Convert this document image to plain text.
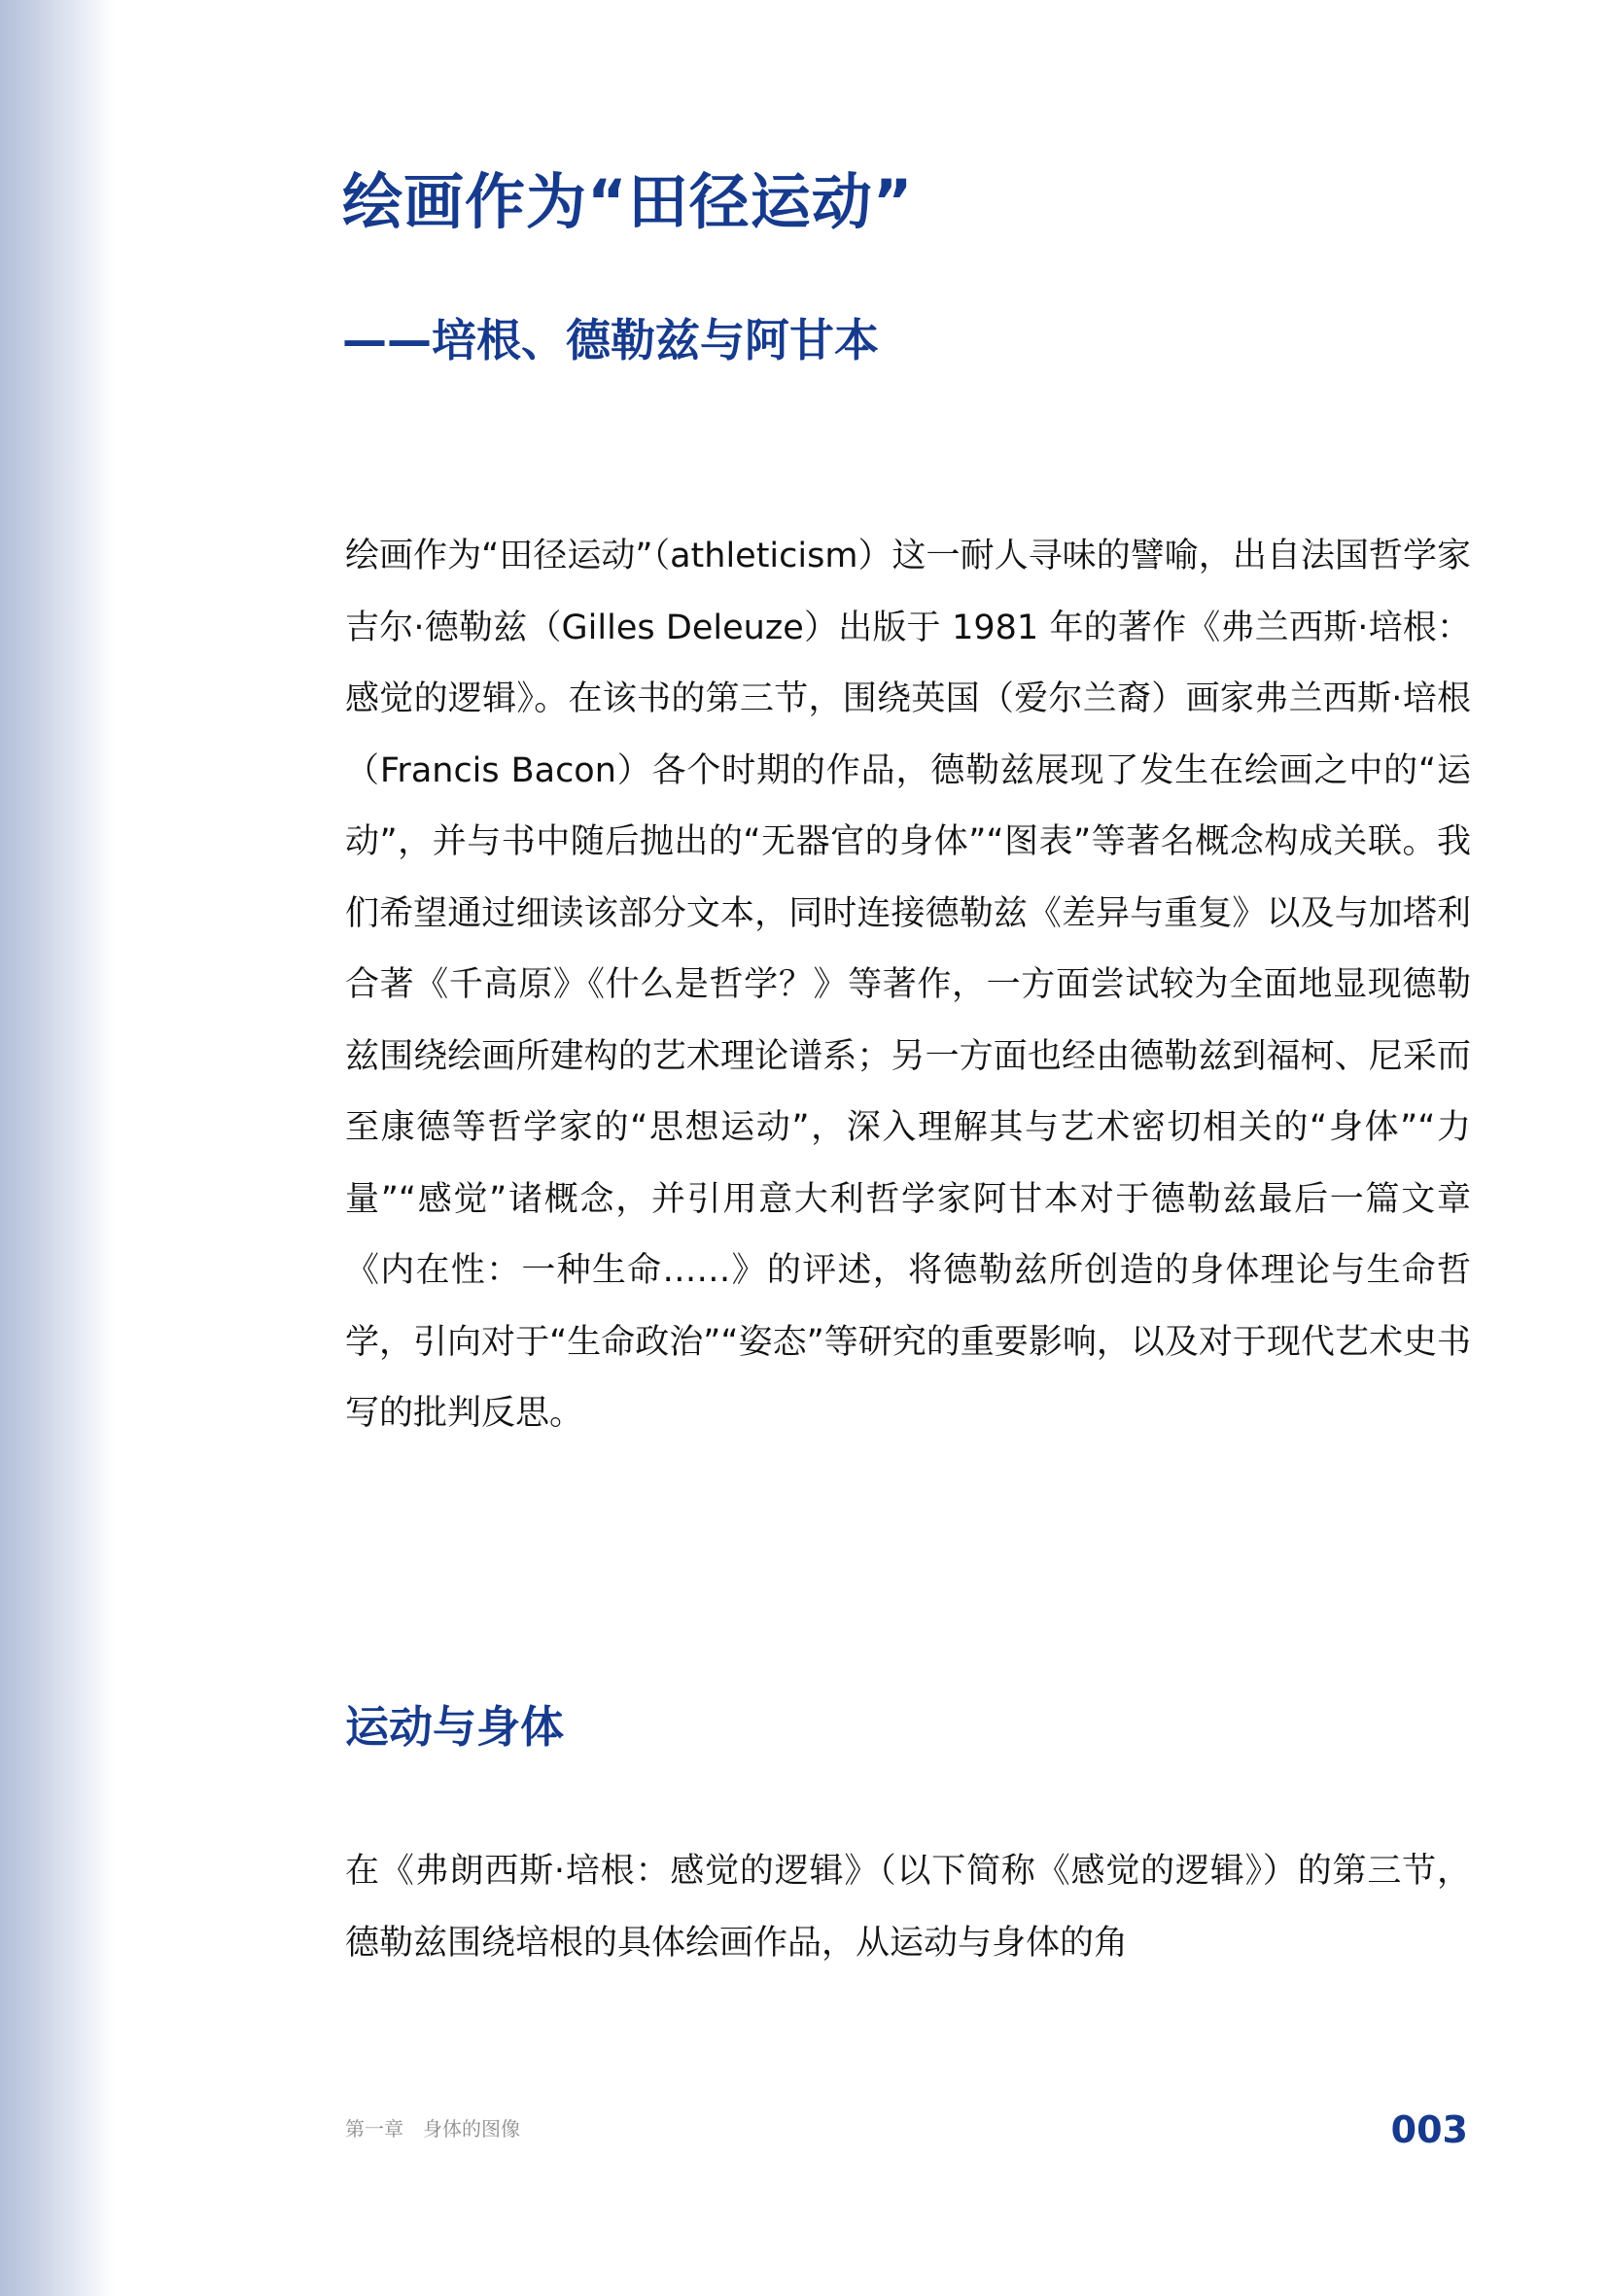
绘画作为“田径运动”
——培根、德勒兹与阿甘本

绘画作为“田径运动”（athleticism）这一耐人寻味的譬喻，出自法国哲学家吉尔·德勒兹（Gilles Deleuze）出版于 1981 年的著作《弗兰西斯·培根：感觉的逻辑》。在该书的第三节，围绕英国（爱尔兰裔）画家弗兰西斯·培根（Francis Bacon）各个时期的作品，德勒兹展现了发生在绘画之中的“运动”，并与书中随后抛出的“无器官的身体”“图表”等著名概念构成关联。我们希望通过细读该部分文本，同时连接德勒兹《差异与重复》以及与加塔利合著《千高原》《什么是哲学？》等著作，一方面尝试较为全面地显现德勒兹围绕绘画所建构的艺术理论谱系；另一方面也经由德勒兹到福柯、尼采而至康德等哲学家的“思想运动”，深入理解其与艺术密切相关的“身体”“力量”“感觉”诸概念，并引用意大利哲学家阿甘本对于德勒兹最后一篇文章《内在性：一种生命……》的评述，将德勒兹所创造的身体理论与生命哲学，引向对于“生命政治”“姿态”等研究的重要影响，以及对于现代艺术史书写的批判反思。

运动与身体

在《弗朗西斯·培根：感觉的逻辑》（以下简称《感觉的逻辑》）的第三节，德勒兹围绕培根的具体绘画作品，从运动与身体的角

第一章　身体的图像	003
